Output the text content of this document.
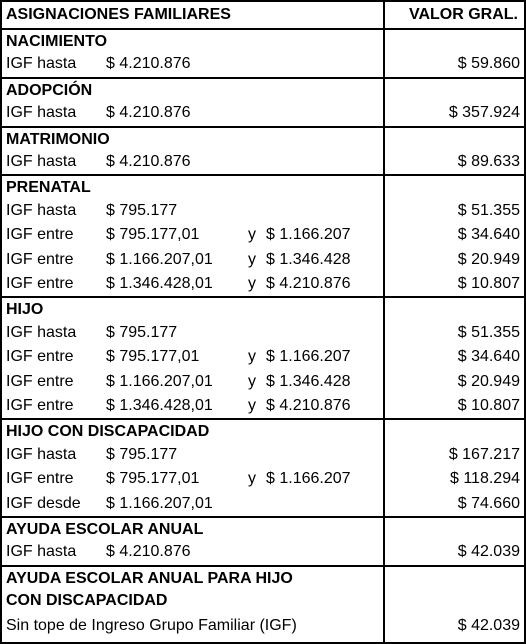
ASIGNACIONES FAMILIARES	VALOR GRAL.
NACIMIENTO
IGF hasta $ 4.210.876	$ 59.860
ADOPCIÓN
IGF hasta $ 4.210.876	$ 357.924
MATRIMONIO
IGF hasta $ 4.210.876	$ 89.633
PRENATAL
IGF hasta $ 795.177	$ 51.355
IGF entre $ 795.177,01	y $ 1.166.207	$ 34.640
IGF entre $ 1.166.207,01 y $ 1.346.428	$ 20.949
IGF entre $ 1.346.428,01 y $ 4.210.876	$ 10.807
HIJO
IGF hasta $ 795.177	$ 51.355
IGF entre $ 795.177,01	y $ 1.166.207	$ 34.640
IGF entre $ 1.166.207,01 y $ 1.346.428	$ 20.949
IGF entre $ 1.346.428,01 y $ 4.210.876	$ 10.807
HIJO CON DISCAPACIDAD
IGF hasta $ 795.177	$ 167.217
IGF entre $ 795.177,01	y $ 1.166.207	$ 118.294
IGF desde $ 1.166.207,01	$ 74.660
AYUDA ESCOLAR ANUAL
IGF hasta $ 4.210.876	$ 42.039
AYUDA ESCOLAR ANUAL PARA HIJO
CON DISCAPACIDAD
Sin tope de Ingreso Grupo Familiar (IGF)	$ 42.039
